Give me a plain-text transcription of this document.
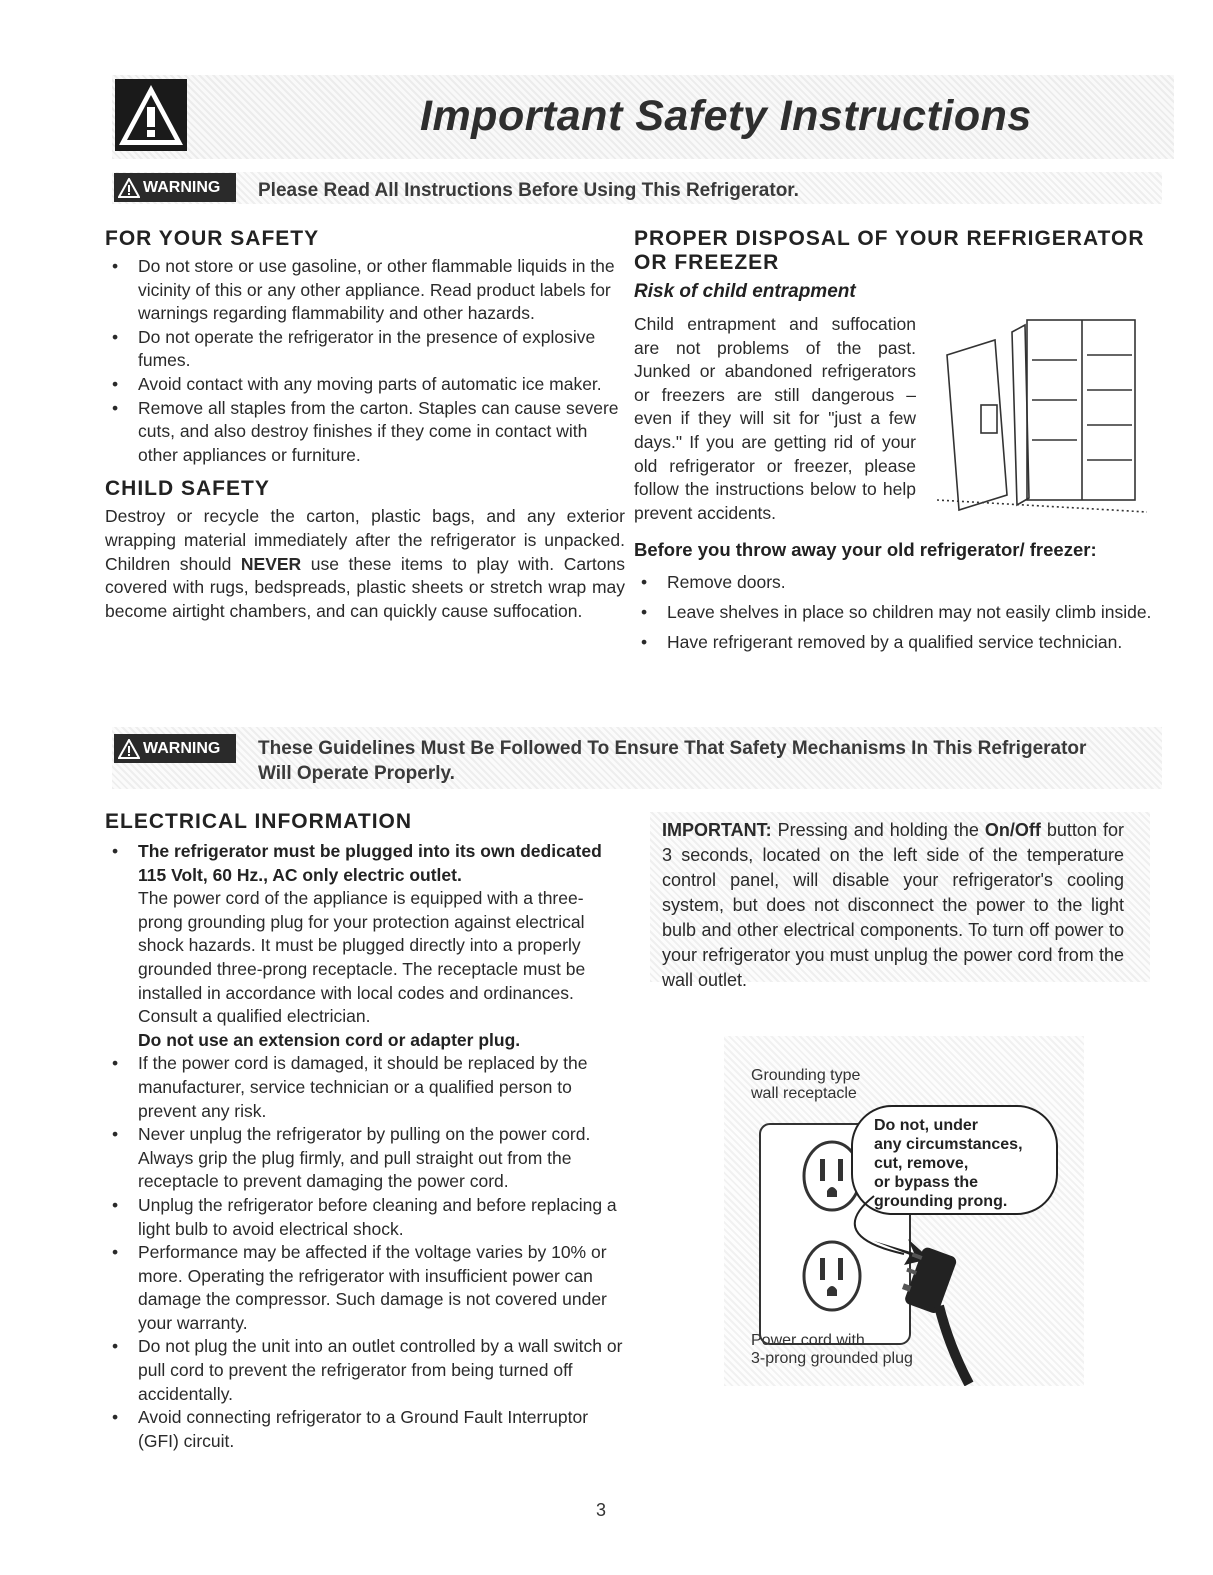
Important Safety Instructions
WARNING Please Read All Instructions Before Using This Refrigerator.
FOR YOUR SAFETY
• Do not store or use gasoline, or other flammable liquids in the vicinity of this or any other appliance. Read product labels for warnings regarding flammability and other hazards.
• Do not operate the refrigerator in the presence of explosive fumes.
• Avoid contact with any moving parts of automatic ice maker.
• Remove all staples from the carton. Staples can cause severe cuts, and also destroy finishes if they come in contact with other appliances or furniture.
CHILD SAFETY
Destroy or recycle the carton, plastic bags, and any exterior wrapping material immediately after the refrigerator is unpacked. Children should NEVER use these items to play with. Cartons covered with rugs, bedspreads, plastic sheets or stretch wrap may become airtight chambers, and can quickly cause suffocation.
PROPER DISPOSAL OF YOUR REFRIGERATOR
OR FREEZER
Risk of child entrapment
Child entrapment and suffocation are not problems of the past. Junked or abandoned refrigerators or freezers are still dangerous – even if they will sit for "just a few days." If you are getting rid of your old refrigerator or freezer, please follow the instructions below to help prevent accidents.
Before you throw away your old refrigerator/ freezer:
• Remove doors.
• Leave shelves in place so children may not easily climb inside.
• Have refrigerant removed by a qualified service technician.
WARNING These Guidelines Must Be Followed To Ensure That Safety Mechanisms In This Refrigerator
Will Operate Properly.
ELECTRICAL INFORMATION
• The refrigerator must be plugged into its own dedicated 115 Volt, 60 Hz., AC only electric outlet.
The power cord of the appliance is equipped with a three-prong grounding plug for your protection against electrical shock hazards. It must be plugged directly into a properly grounded three-prong receptacle. The receptacle must be installed in accordance with local codes and ordinances. Consult a qualified electrician.
Do not use an extension cord or adapter plug.
• If the power cord is damaged, it should be replaced by the manufacturer, service technician or a qualified person to prevent any risk.
• Never unplug the refrigerator by pulling on the power cord. Always grip the plug firmly, and pull straight out from the receptacle to prevent damaging the power cord.
• Unplug the refrigerator before cleaning and before replacing a light bulb to avoid electrical shock.
• Performance may be affected if the voltage varies by 10% or more. Operating the refrigerator with insufficient power can damage the compressor. Such damage is not covered under your warranty.
• Do not plug the unit into an outlet controlled by a wall switch or pull cord to prevent the refrigerator from being turned off accidentally.
• Avoid connecting refrigerator to a Ground Fault Interruptor (GFI) circuit.
IMPORTANT: Pressing and holding the On/Off button for 3 seconds, located on the left side of the temperature control panel, will disable your refrigerator's cooling system, but does not disconnect the power to the light bulb and other electrical components. To turn off power to your refrigerator you must unplug the power cord from the wall outlet.
Grounding type
wall receptacle
Do not, under
any circumstances,
cut, remove,
or bypass the
grounding prong.
Power cord with
3-prong grounded plug
3
